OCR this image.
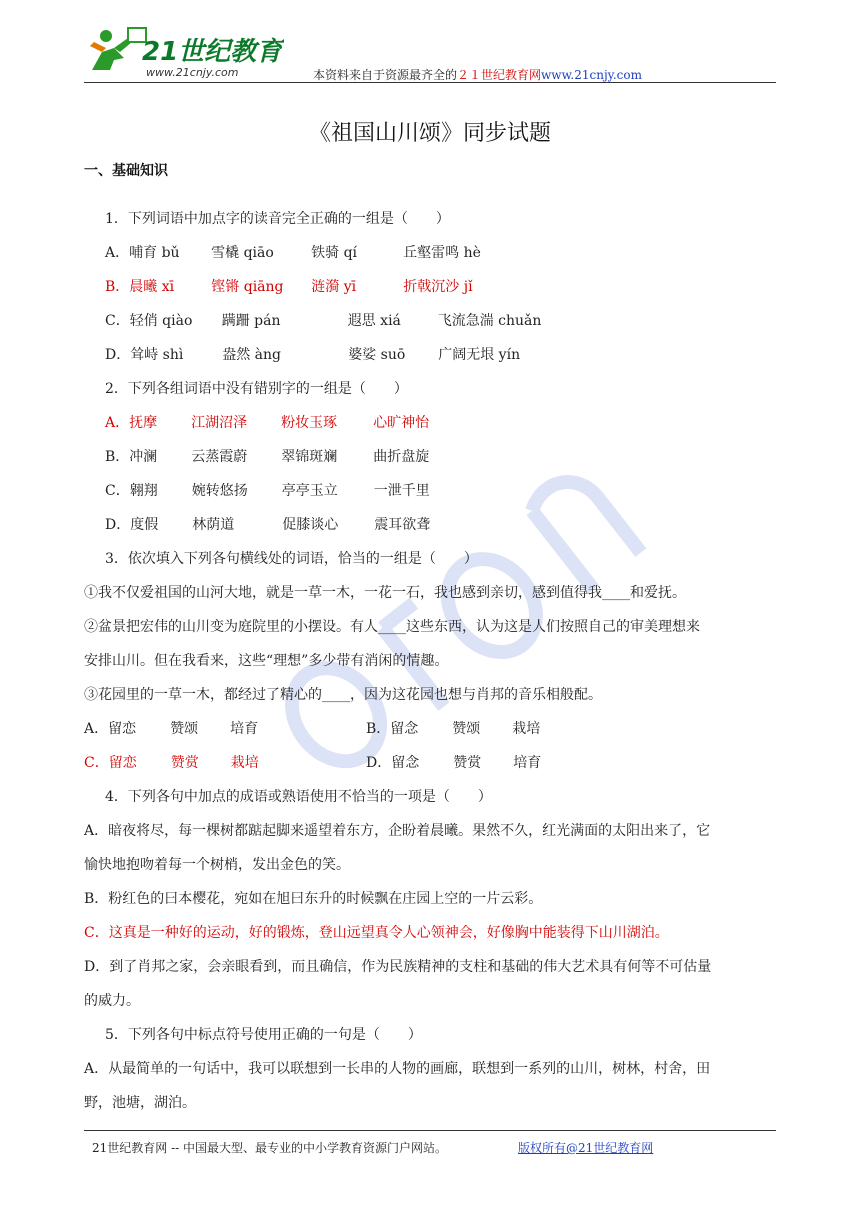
21世纪教育
www.21cnjy.com	本资料来自于资源最齐全的２１世纪教育网www.21cnjy.com
《祖国山川颂》同步试题
一、基础知识
1．下列词语中加点字的读音完全正确的一组是（　　）
A．哺育 bǔ 雪橇 qiāo	铁骑 qí	丘壑雷鸣 hè
B．晨曦 xī	铿锵 qiāng 涟漪 yī	折戟沉沙 jǐ
C．轻俏 qiào 蹒跚 pán	遐思 xiá	飞流急湍 chuǎn
D．耸峙 shì	盎然 àng	婆娑 suō 广阔无垠 yín
2．下列各组词语中没有错别字的一组是（　　）
A．抚摩 江湖沼泽 粉妆玉琢	心旷神怡
B．冲澜 云蒸霞蔚 翠锦斑斓	曲折盘旋
C．翱翔 婉转悠扬 亭亭玉立	一泄千里
D．度假 林荫道	促膝谈心	震耳欲聋
3．依次填入下列各句横线处的词语，恰当的一组是（　　）
①我不仅爱祖国的山河大地，就是一草一木，一花一石，我也感到亲切，感到值得我____和爱抚。
②盆景把宏伟的山川变为庭院里的小摆设。有人____这些东西，认为这是人们按照自己的审美理想来
安排山川。但在我看来，这些“理想”多少带有消闲的情趣。
③花园里的一草一木，都经过了精心的____，因为这花园也想与肖邦的音乐相般配。
A．留恋 赞颂 培育	B．留念 赞颂 栽培
C．留恋 赞赏 栽培	D．留念 赞赏 培育
4．下列各句中加点的成语或熟语使用不恰当的一项是（　　）
A．暗夜将尽，每一棵树都踮起脚来遥望着东方，企盼着晨曦。果然不久，红光满面的太阳出来了，它
愉快地抱吻着每一个树梢，发出金色的笑。
B．粉红色的曰本樱花，宛如在旭曰东升的时候飘在庄园上空的一片云彩。
C．这真是一种好的运动，好的锻炼，登山远望真令人心领神会，好像胸中能装得下山川湖泊。
D．到了肖邦之家，会亲眼看到，而且确信，作为民族精神的支柱和基础的伟大艺术具有何等不可估量
的威力。
5．下列各句中标点符号使用正确的一句是（　　）
A．从最简单的一句话中，我可以联想到一长串的人物的画廊，联想到一系列的山川，树林，村舍，田
野，池塘，湖泊。
21世纪教育网 -- 中国最大型、最专业的中小学教育资源门户网站。	版权所有@21世纪教育网
